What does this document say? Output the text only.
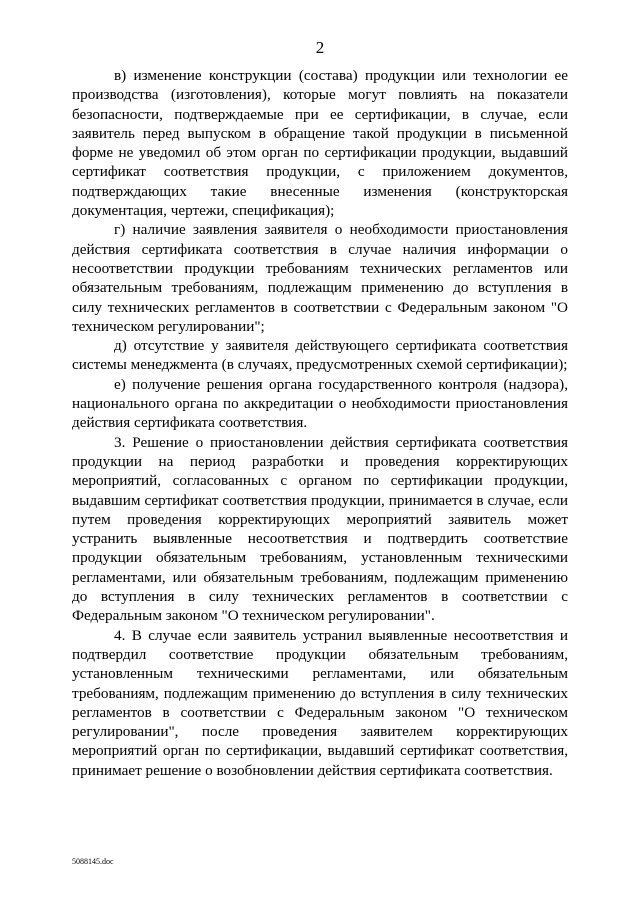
2

в) изменение конструкции (состава) продукции или технологии ее производства (изготовления), которые могут повлиять на показатели безопасности, подтверждаемые при ее сертификации, в случае, если заявитель перед выпуском в обращение такой продукции в письменной форме не уведомил об этом орган по сертификации продукции, выдавший сертификат соответствия продукции, с приложением документов, подтверждающих такие внесенные изменения (конструкторская документация, чертежи, спецификация);

г) наличие заявления заявителя о необходимости приостановления действия сертификата соответствия в случае наличия информации о несоответствии продукции требованиям технических регламентов или обязательным требованиям, подлежащим применению до вступления в силу технических регламентов в соответствии с Федеральным законом "О техническом регулировании";

д) отсутствие у заявителя действующего сертификата соответствия системы менеджмента (в случаях, предусмотренных схемой сертификации);

е) получение решения органа государственного контроля (надзора), национального органа по аккредитации о необходимости приостановления действия сертификата соответствия.

3. Решение о приостановлении действия сертификата соответствия продукции на период разработки и проведения корректирующих мероприятий, согласованных с органом по сертификации продукции, выдавшим сертификат соответствия продукции, принимается в случае, если путем проведения корректирующих мероприятий заявитель может устранить выявленные несоответствия и подтвердить соответствие продукции обязательным требованиям, установленным техническими регламентами, или обязательным требованиям, подлежащим применению до вступления в силу технических регламентов в соответствии с Федеральным законом "О техническом регулировании".

4. В случае если заявитель устранил выявленные несоответствия и подтвердил соответствие продукции обязательным требованиям, установленным техническими регламентами, или обязательным требованиям, подлежащим применению до вступления в силу технических регламентов в соответствии с Федеральным законом "О техническом регулировании", после проведения заявителем корректирующих мероприятий орган по сертификации, выдавший сертификат соответствия, принимает решение о возобновлении действия сертификата соответствия.

5088145.doc
